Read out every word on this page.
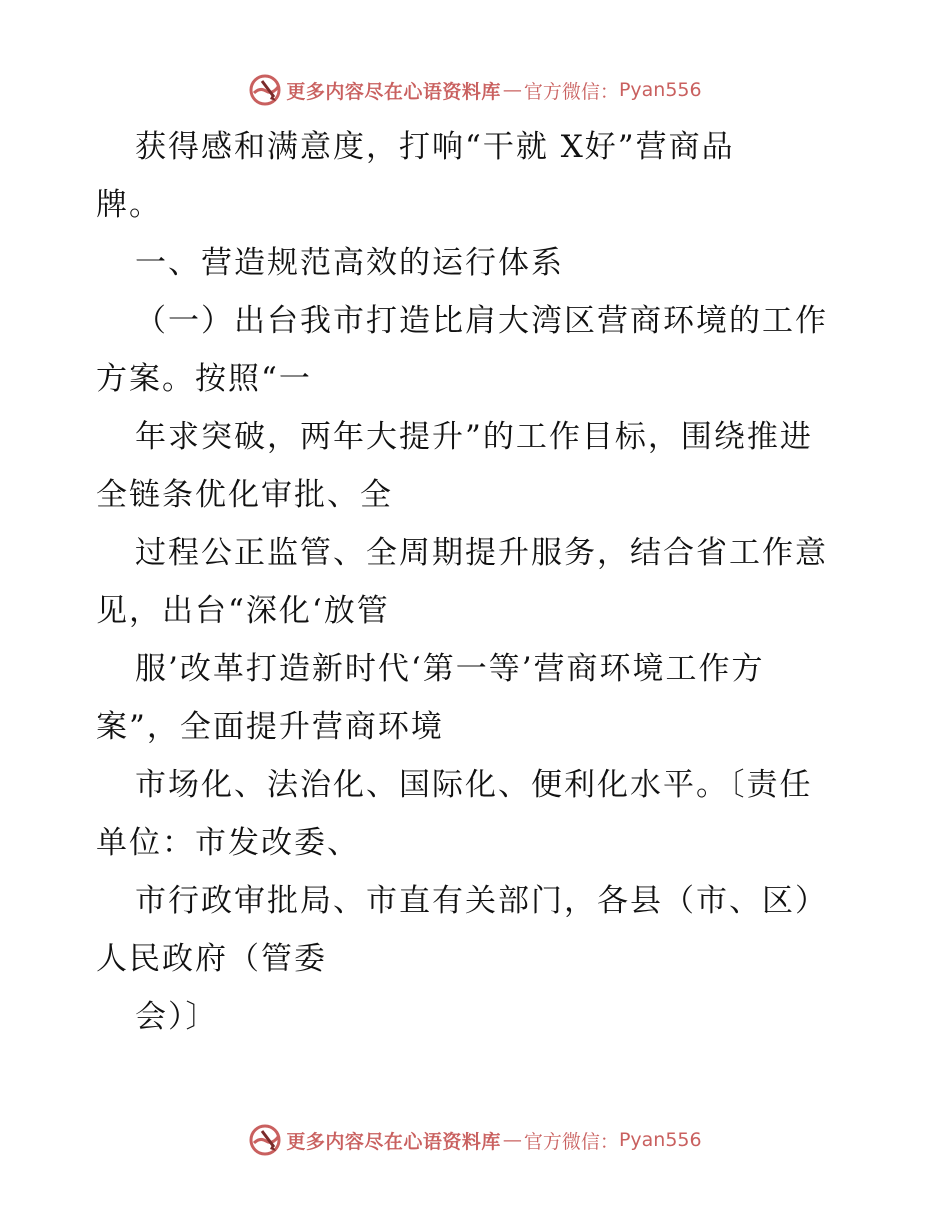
更多内容尽在心语资料库 — 官方微信： Pyan556
获得感和满意度，打响“干就 X好”营商品
牌。
一、营造规范高效的运行体系
（一）出台我市打造比肩大湾区营商环境的工作
方案。按照“一
年求突破，两年大提升”的工作目标，围绕推进
全链条优化审批、全
过程公正监管、全周期提升服务，结合省工作意
见，出台“深化‘放管
服’改革打造新时代‘第一等’营商环境工作方
案”，全面提升营商环境
市场化、法治化、国际化、便利化水平。〔责任
单位：市发改委、
市行政审批局、市直有关部门，各县（市、区）
人民政府（管委
会）〕
更多内容尽在心语资料库 — 官方微信： Pyan556
